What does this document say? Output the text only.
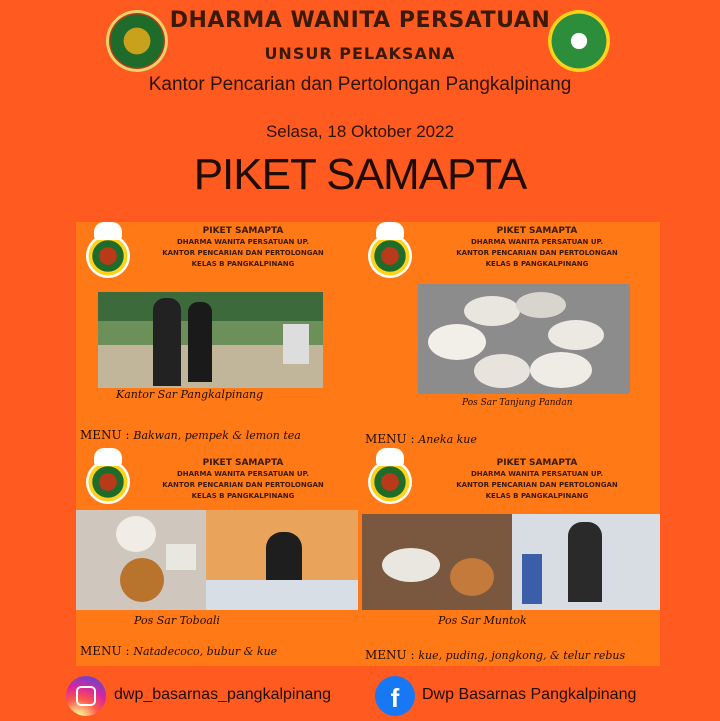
DHARMA WANITA PERSATUAN
UNSUR PELAKSANA
Kantor Pencarian dan Pertolongan Pangkalpinang
Selasa, 18 Oktober 2022
PIKET SAMAPTA
PIKET SAMAPTA
DHARMA WANITA PERSATUAN UP.
KANTOR PENCARIAN DAN PERTOLONGAN
KELAS B PANGKALPINANG
Kantor Sar Pangkalpinang
MENU : Bakwan, pempek & lemon tea
PIKET SAMAPTA
DHARMA WANITA PERSATUAN UP.
KANTOR PENCARIAN DAN PERTOLONGAN
KELAS B PANGKALPINANG
Pos Sar Tanjung Pandan
MENU : Aneka kue
PIKET SAMAPTA
DHARMA WANITA PERSATUAN UP.
KANTOR PENCARIAN DAN PERTOLONGAN
KELAS B PANGKALPINANG
Pos Sar Toboali
MENU : Natadecoco, bubur & kue
PIKET SAMAPTA
DHARMA WANITA PERSATUAN UP.
KANTOR PENCARIAN DAN PERTOLONGAN
KELAS B PANGKALPINANG
Pos Sar Muntok
MENU : kue, puding, jongkong, & telur rebus
dwp_basarnas_pangkalpinang	f	Dwp Basarnas Pangkalpinang
